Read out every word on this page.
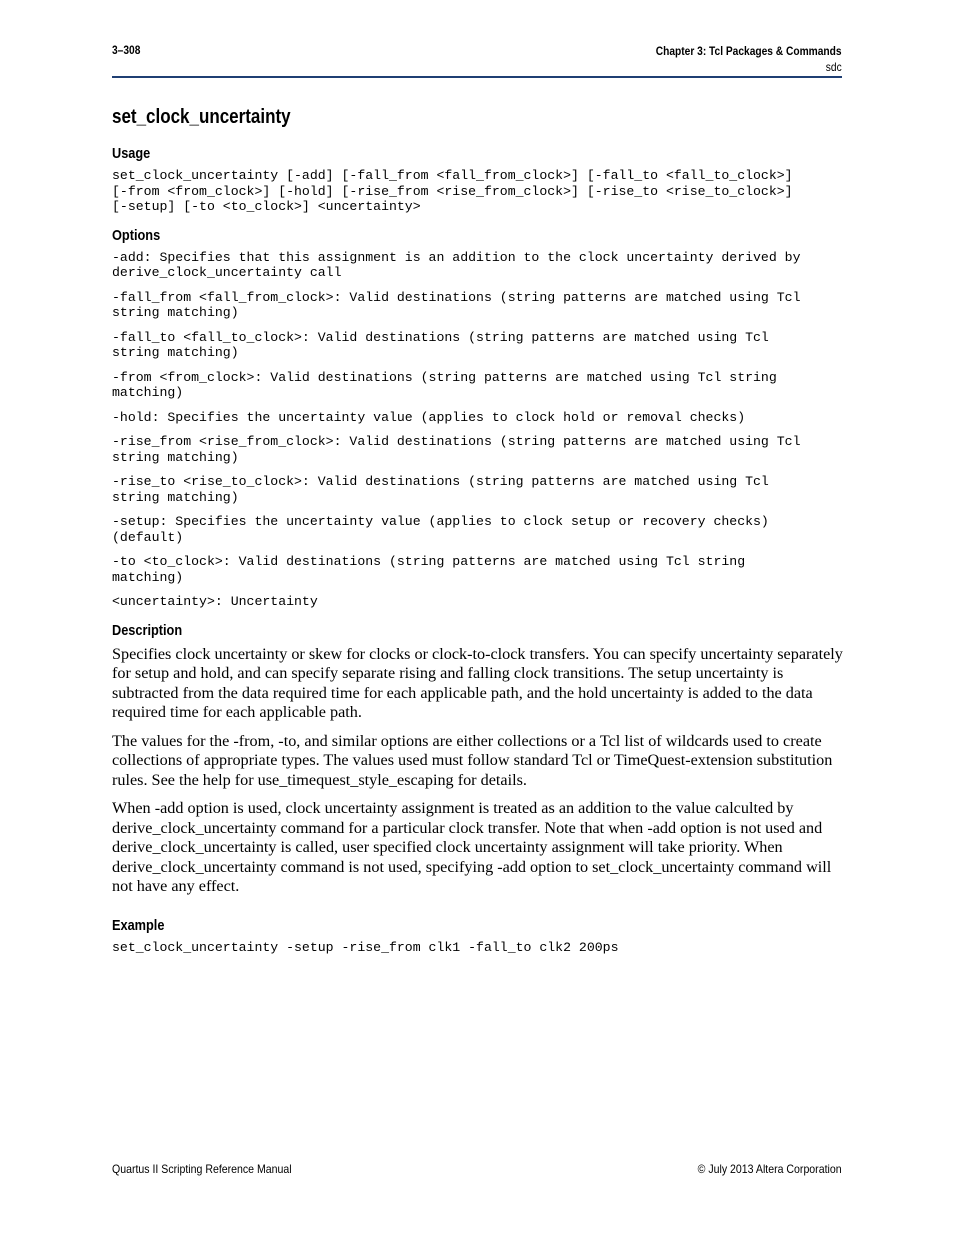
3–308	Chapter 3: Tcl Packages & Commands
sdc
set_clock_uncertainty
Usage
set_clock_uncertainty [-add] [-fall_from <fall_from_clock>] [-fall_to <fall_to_clock>]
[-from <from_clock>] [-hold] [-rise_from <rise_from_clock>] [-rise_to <rise_to_clock>]
[-setup] [-to <to_clock>] <uncertainty>
Options
-add: Specifies that this assignment is an addition to the clock uncertainty derived by
derive_clock_uncertainty call
-fall_from <fall_from_clock>: Valid destinations (string patterns are matched using Tcl
string matching)
-fall_to <fall_to_clock>: Valid destinations (string patterns are matched using Tcl
string matching)
-from <from_clock>: Valid destinations (string patterns are matched using Tcl string
matching)
-hold: Specifies the uncertainty value (applies to clock hold or removal checks)
-rise_from <rise_from_clock>: Valid destinations (string patterns are matched using Tcl
string matching)
-rise_to <rise_to_clock>: Valid destinations (string patterns are matched using Tcl
string matching)
-setup: Specifies the uncertainty value (applies to clock setup or recovery checks)
(default)
-to <to_clock>: Valid destinations (string patterns are matched using Tcl string
matching)
<uncertainty>: Uncertainty
Description

Specifies clock uncertainty or skew for clocks or clock-to-clock transfers. You can specify uncertainty separately for setup and hold, and can specify separate rising and falling clock transitions. The setup uncertainty is subtracted from the data required time for each applicable path, and the hold uncertainty is added to the data required time for each applicable path.

The values for the -from, -to, and similar options are either collections or a Tcl list of wildcards used to create collections of appropriate types. The values used must follow standard Tcl or TimeQuest-extension substitution rules. See the help for use_timequest_style_escaping for details.

When -add option is used, clock uncertainty assignment is treated as an addition to the value calculted by derive_clock_uncertainty command for a particular clock transfer. Note that when -add option is not used and derive_clock_uncertainty is called, user specified clock uncertainty assignment will take priority. When derive_clock_uncertainty command is not used, specifying -add option to set_clock_uncertainty command will not have any effect.

Example
set_clock_uncertainty -setup -rise_from clk1 -fall_to clk2 200ps
Quartus II Scripting Reference Manual	© July 2013 Altera Corporation
